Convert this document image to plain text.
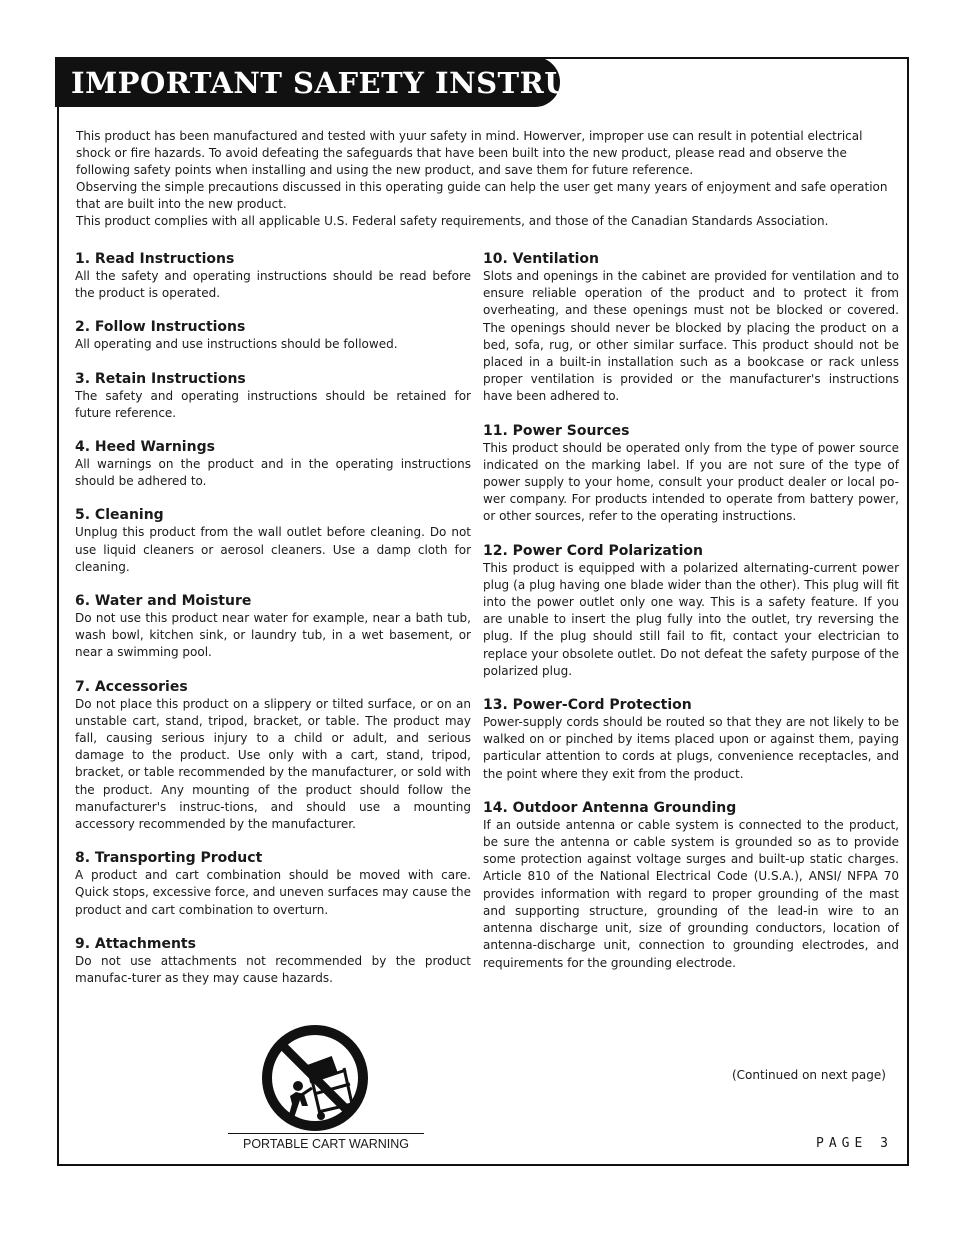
IMPORTANT SAFETY INSTRUCTIONS

This product has been manufactured and tested with yuur safety in mind. Howerver, improper use can result in potential electrical shock or fire hazards. To avoid defeating the safeguards that have been built into the new product, please read and observe the following safety points when installing and using the new product, and save them for future reference.

Observing the simple precautions discussed in this operating guide can help the user get many years of enjoyment and safe operation that are built into the new product.

This product complies with all applicable U.S. Federal safety requirements, and those of the Canadian Standards Association.

1. Read Instructions

All the safety and operating instructions should be read before the product is operated.

2. Follow Instructions

All operating and use instructions should be followed.

3. Retain Instructions

The safety and operating instructions should be retained for future reference.

4. Heed Warnings

All warnings on the product and in the operating instructions should be adhered to.

5. Cleaning

Unplug this product from the wall outlet before cleaning. Do not use liquid cleaners or aerosol cleaners. Use a damp cloth for cleaning.

6. Water and Moisture

Do not use this product near water for example, near a bath tub, wash bowl, kitchen sink, or laundry tub, in a wet basement, or near a swimming pool.

7. Accessories

Do not place this product on a slippery or tilted surface, or on an unstable cart, stand, tripod, bracket, or table. The product may fall, causing serious injury to a child or adult, and serious damage to the product. Use only with a cart, stand, tripod, bracket, or table recommended by the manufacturer, or sold with the product. Any mounting of the product should follow the manufacturer's instruc-tions, and should use a mounting accessory recommended by the manufacturer.

8. Transporting Product

A product and cart combination should be moved with care. Quick stops, excessive force, and uneven surfaces may cause the product and cart combination to overturn.

9. Attachments

Do not use attachments not recommended by the product manufac-turer as they may cause hazards.

10. Ventilation

Slots and openings in the cabinet are provided for ventilation and to ensure reliable operation of the product and to protect it from overheating, and these openings must not be blocked or covered. The openings should never be blocked by placing the product on a bed, sofa, rug, or other similar surface. This product should not be placed in a built-in installation such as a bookcase or rack unless proper ventilation is provided or the manufacturer's instructions have been adhered to.

11. Power Sources

This product should be operated only from the type of power source indicated on the marking label. If you are not sure of the type of power supply to your home, consult your product dealer or local po-wer company. For products intended to operate from battery power, or other sources, refer to the operating instructions.

12. Power Cord Polarization

This product is equipped with a polarized alternating-current power plug (a plug having one blade wider than the other). This plug will fit into the power outlet only one way. This is a safety feature. If you are unable to insert the plug fully into the outlet, try reversing the plug. If the plug should still fail to fit, contact your electrician to replace your obsolete outlet. Do not defeat the safety purpose of the polarized plug.

13. Power-Cord Protection

Power-supply cords should be routed so that they are not likely to be walked on or pinched by items placed upon or against them, paying particular attention to cords at plugs, convenience receptacles, and the point where they exit from the product.

14. Outdoor Antenna Grounding

If an outside antenna or cable system is connected to the product, be sure the antenna or cable system is grounded so as to provide some protection against voltage surges and built-up static charges. Article 810 of the National Electrical Code (U.S.A.), ANSI/ NFPA 70 provides information with regard to proper grounding of the mast and supporting structure, grounding of the lead-in wire to an antenna discharge unit, size of grounding conductors, location of antenna-discharge unit, connection to grounding electrodes, and requirements for the grounding electrode.

PORTABLE CART WARNING
(Continued on next page)
PAGE 3
